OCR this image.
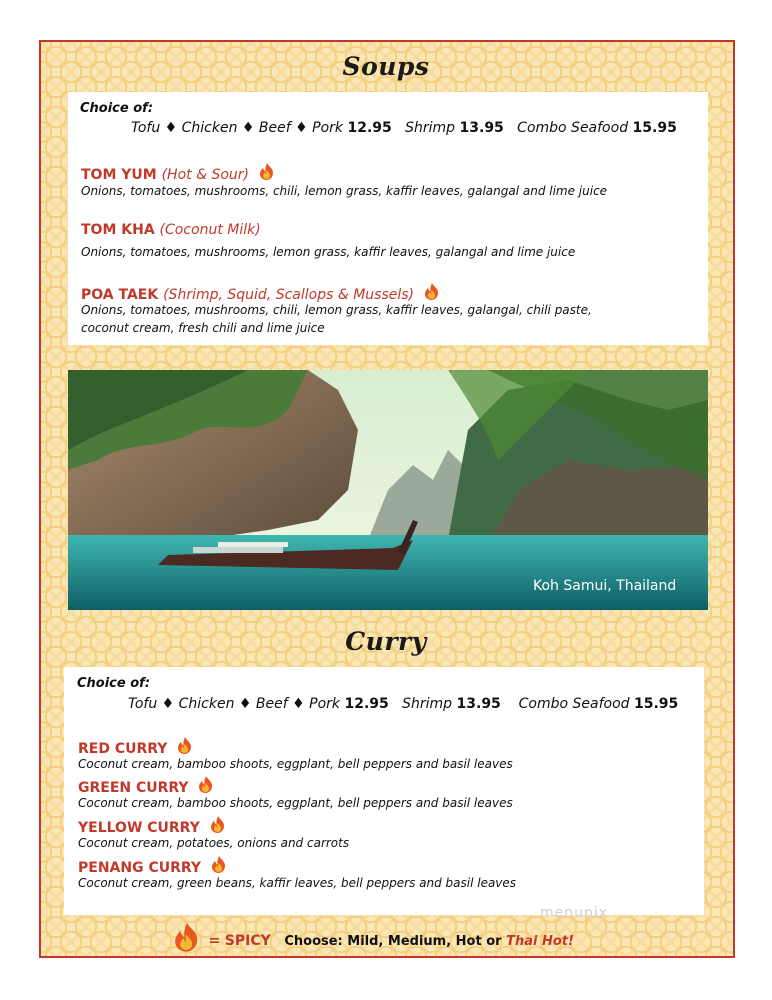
Soups
Choice of:
Tofu ♦ Chicken ♦ Beef ♦ Pork 12.95 Shrimp 13.95 Combo Seafood 15.95
TOM YUM (Hot & Sour)
Onions, tomatoes, mushrooms, chili, lemon grass, kaffir leaves, galangal and lime juice
TOM KHA (Coconut Milk)
Onions, tomatoes, mushrooms, lemon grass, kaffir leaves, galangal and lime juice
POA TAEK (Shrimp, Squid, Scallops & Mussels)
Onions, tomatoes, mushrooms, chili, lemon grass, kaffir leaves, galangal, chili paste,
coconut cream, fresh chili and lime juice
Koh Samui, Thailand
Curry
Choice of:
Tofu ♦ Chicken ♦ Beef ♦ Pork 12.95 Shrimp 13.95 Combo Seafood 15.95
RED CURRY
Coconut cream, bamboo shoots, eggplant, bell peppers and basil leaves
GREEN CURRY
Coconut cream, bamboo shoots, eggplant, bell peppers and basil leaves
YELLOW CURRY
Coconut cream, potatoes, onions and carrots
PENANG CURRY
Coconut cream, green beans, kaffir leaves, bell peppers and basil leaves
menupix
= SPICY Choose: Mild, Medium, Hot or Thai Hot!
